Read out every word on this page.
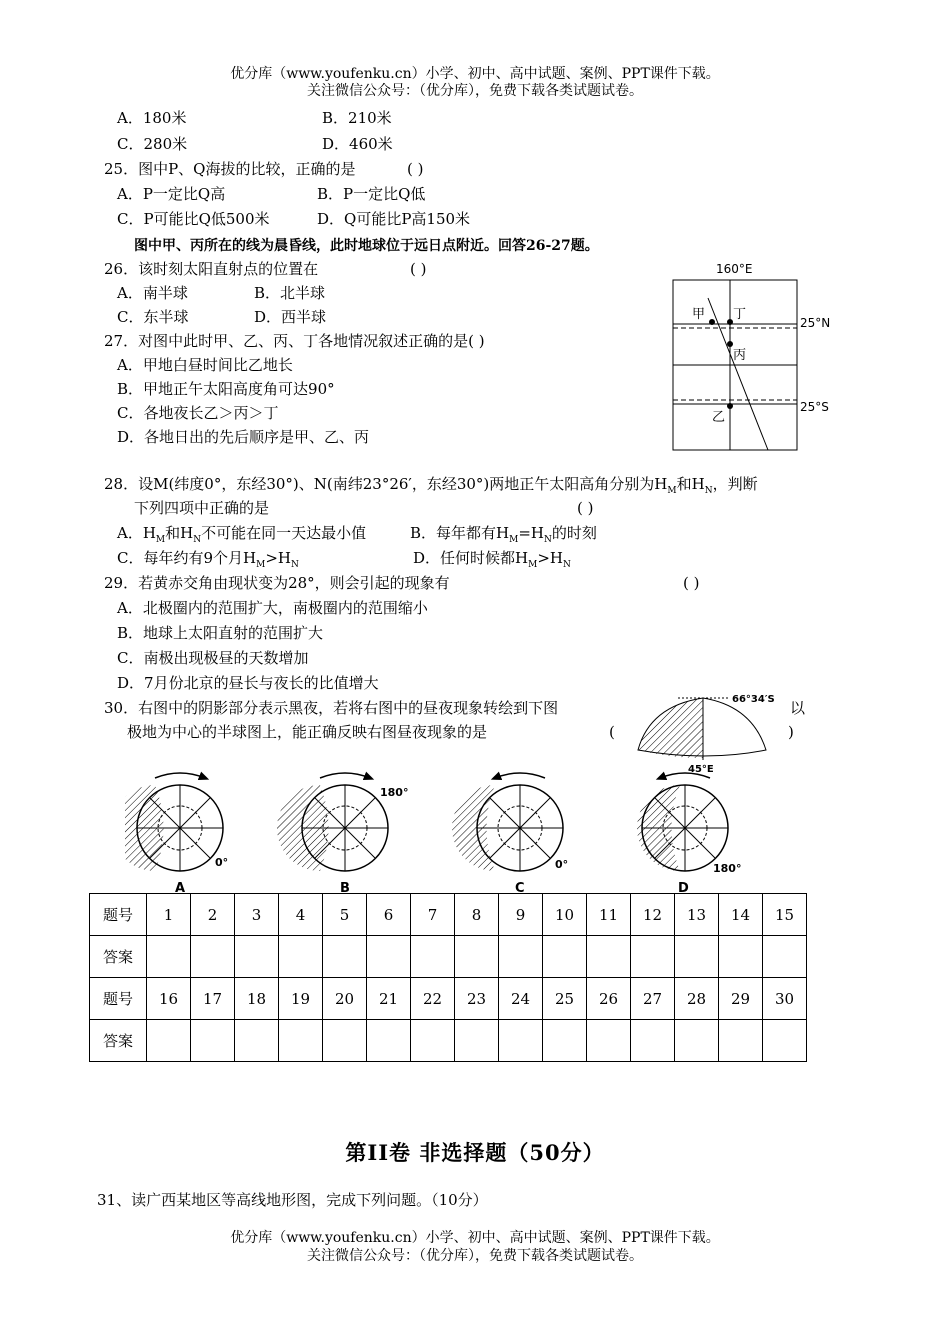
优分库（www.youfenku.cn）小学、初中、高中试题、案例、PPT课件下载。
关注微信公众号：（优分库），免费下载各类试题试卷。
A．180米	B．210米
C．280米	D．460米
25．图中P、Q海拔的比较，正确的是	( )
A．P一定比Q高	B．P一定比Q低
C．P可能比Q低500米	D．Q可能比P高150米
图中甲、丙所在的线为晨昏线，此时地球位于远日点附近。回答26-27题。
26．该时刻太阳直射点的位置在	( )
A．南半球	B．北半球
C．东半球	D．西半球
27．对图中此时甲、乙、丙、丁各地情况叙述正确的是( )
A．甲地白昼时间比乙地长
B．甲地正午太阳高度角可达90°
C．各地夜长乙＞丙＞丁
D．各地日出的先后顺序是甲、乙、丙
160°E
甲 丁
丙
乙
25°N
25°S
28．设M(纬度0°，东经30°)、N(南纬23°26′，东经30°)两地正午太阳高角分别为$H_M$和$H_N$，判断
下列四项中正确的是	( )
A．$H_M$和$H_N$不可能在同一天达最小值	B．每年都有$H_M=H_N$的时刻
C．每年约有9个月$H_M>H_N$	D．任何时候都$H_M>H_N$
29．若黄赤交角由现状变为28°，则会引起的现象有	( )
A．北极圈内的范围扩大，南极圈内的范围缩小
B．地球上太阳直射的范围扩大
C．南极出现极昼的天数增加
D．7月份北京的昼长与夜长的比值增大
30．右图中的阴影部分表示黑夜，若将右图中的昼夜现象转绘到下图	以
极地为中心的半球图上，能正确反映右图昼夜现象的是	(	)
66°34′S
45°E
0°
A
180°
B
0°
C
180°
D
题号	1	2	3	4	5	6	7	8	9	10	11	12	13	14	15
答案															
题号	16	17	18	19	20	21	22	23	24	25	26	27	28	29	30
答案															
第II卷 非选择题（50分）
31、读广西某地区等高线地形图，完成下列问题。（10分）
优分库（www.youfenku.cn）小学、初中、高中试题、案例、PPT课件下载。
关注微信公众号：（优分库），免费下载各类试题试卷。
